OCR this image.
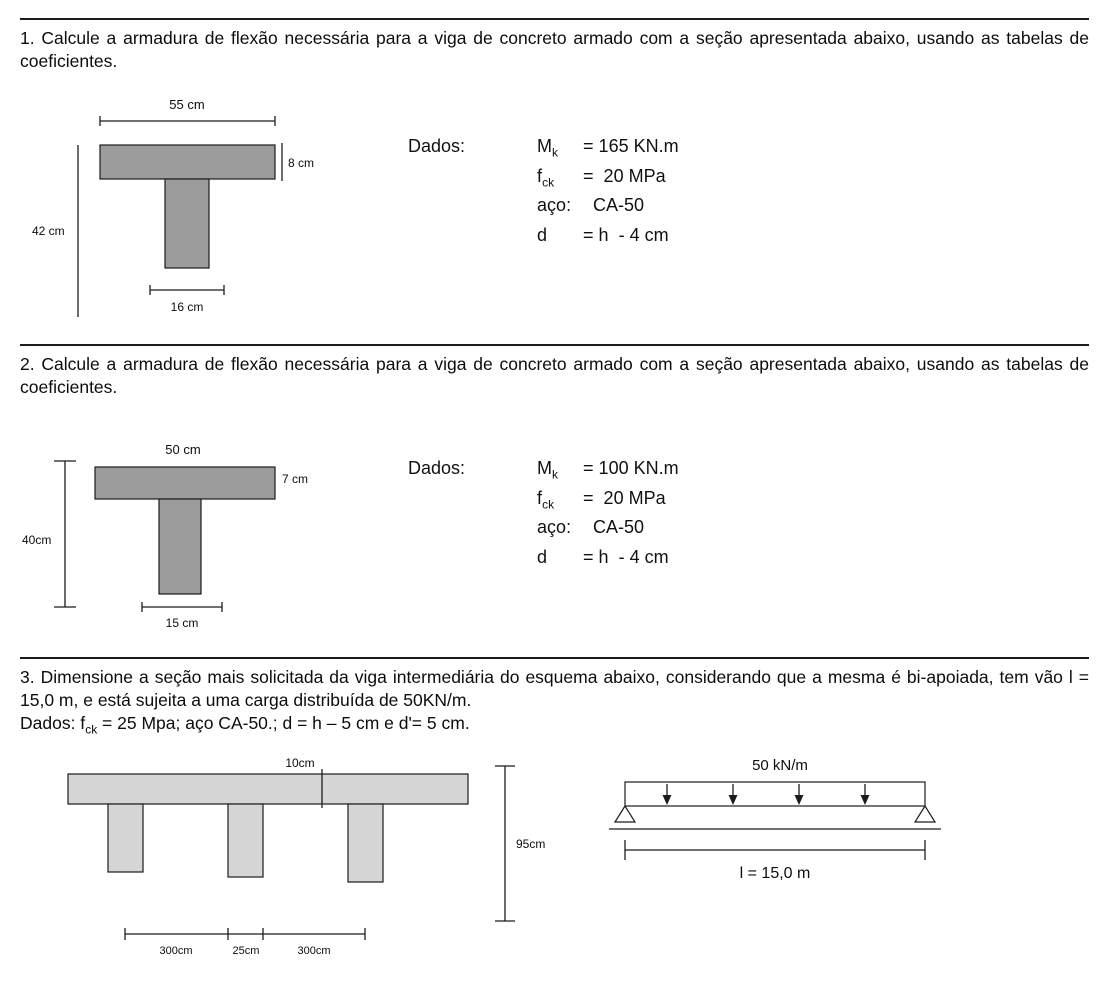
1. Calcule a armadura de flexão necessária para a viga de concreto armado com a seção apresentada abaixo, usando as tabelas de coeficientes.

55 cm
8 cm
42 cm
16 cm
Dados:	$M_k$	= 165 KN.m
$f_{ck}$	=  20 MPa
aço: CA-50
d	= h  - 4 cm

2. Calcule a armadura de flexão necessária para a viga de concreto armado com a seção apresentada abaixo, usando as tabelas de coeficientes.

50 cm
7 cm
40cm
15 cm
Dados:	$M_k$	= 100 KN.m
$f_{ck}$	=  20 MPa
aço: CA-50
d	= h  - 4 cm

3. Dimensione a seção mais solicitada da viga intermediária do esquema abaixo, considerando que a mesma é bi-apoiada, tem vão l = 15,0 m, e está sujeita a uma carga distribuída de 50KN/m.

Dados: $f_{ck} = 25$ Mpa; aço CA-50.; d = h – 5 cm e d'= 5 cm.

10cm
95cm
300cm	25cm	300cm
50 kN/m
l = 15,0 m
